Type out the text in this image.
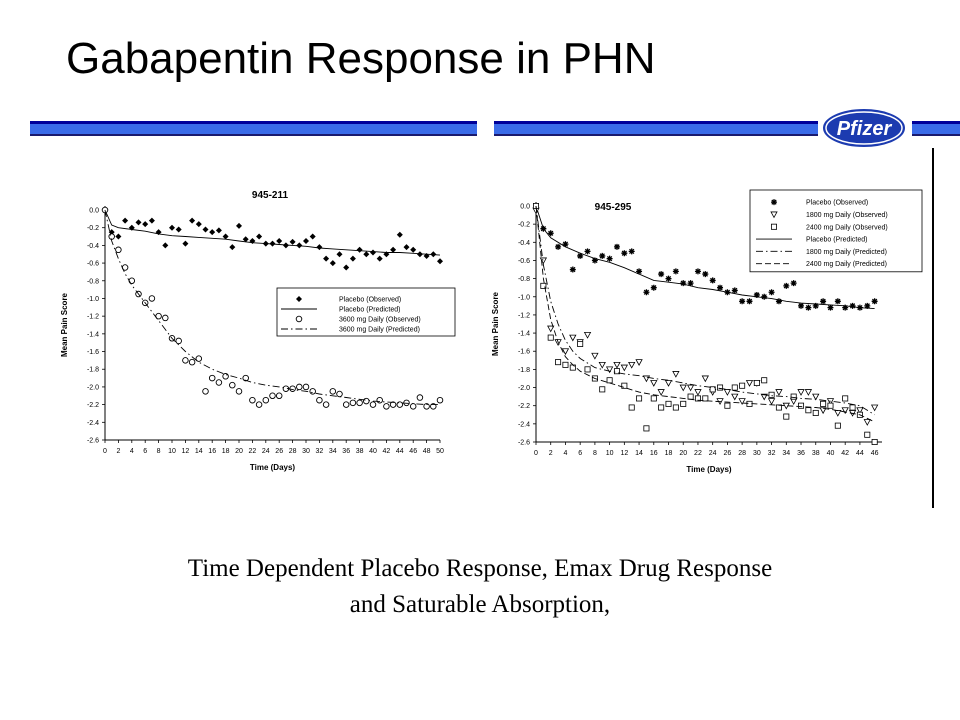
Gabapentin Response in PHN
Pfizer
945-211
0.0
-0.2
-0.4
-0.6
-0.8
-1.0
-1.2
-1.4
-1.6
-1.8
-2.0
-2.2
-2.4
-2.6
0 2 4 6 8 10 12 14 16 18 20 22 24 26 28 30 32 34 36 38 40 42 44 46 48 50
Time (Days)
Mean Pain Score	Placebo (Observed)
Placebo (Predicted)
3600 mg Daily (Observed)
3600 mg Daily (Predicted)
945-295
0.0
-0.2
-0.4
-0.6
-0.8
-1.0
-1.2
-1.4
-1.6
-1.8
-2.0
-2.2
-2.4
-2.6
0 2 4 6 8 10 12 14 16 18 20 22 24 26 28 30 32 34 36 38 40 42 44 46
Time (Days)
Mean Pain Score
Placebo (Observed)
1800 mg Daily (Observed)
2400 mg Daily (Observed)
Placebo (Predicted)
1800 mg Daily (Predicted)
2400 mg Daily (Predicted)
Time Dependent Placebo Response, Emax Drug Response
and Saturable Absorption,
